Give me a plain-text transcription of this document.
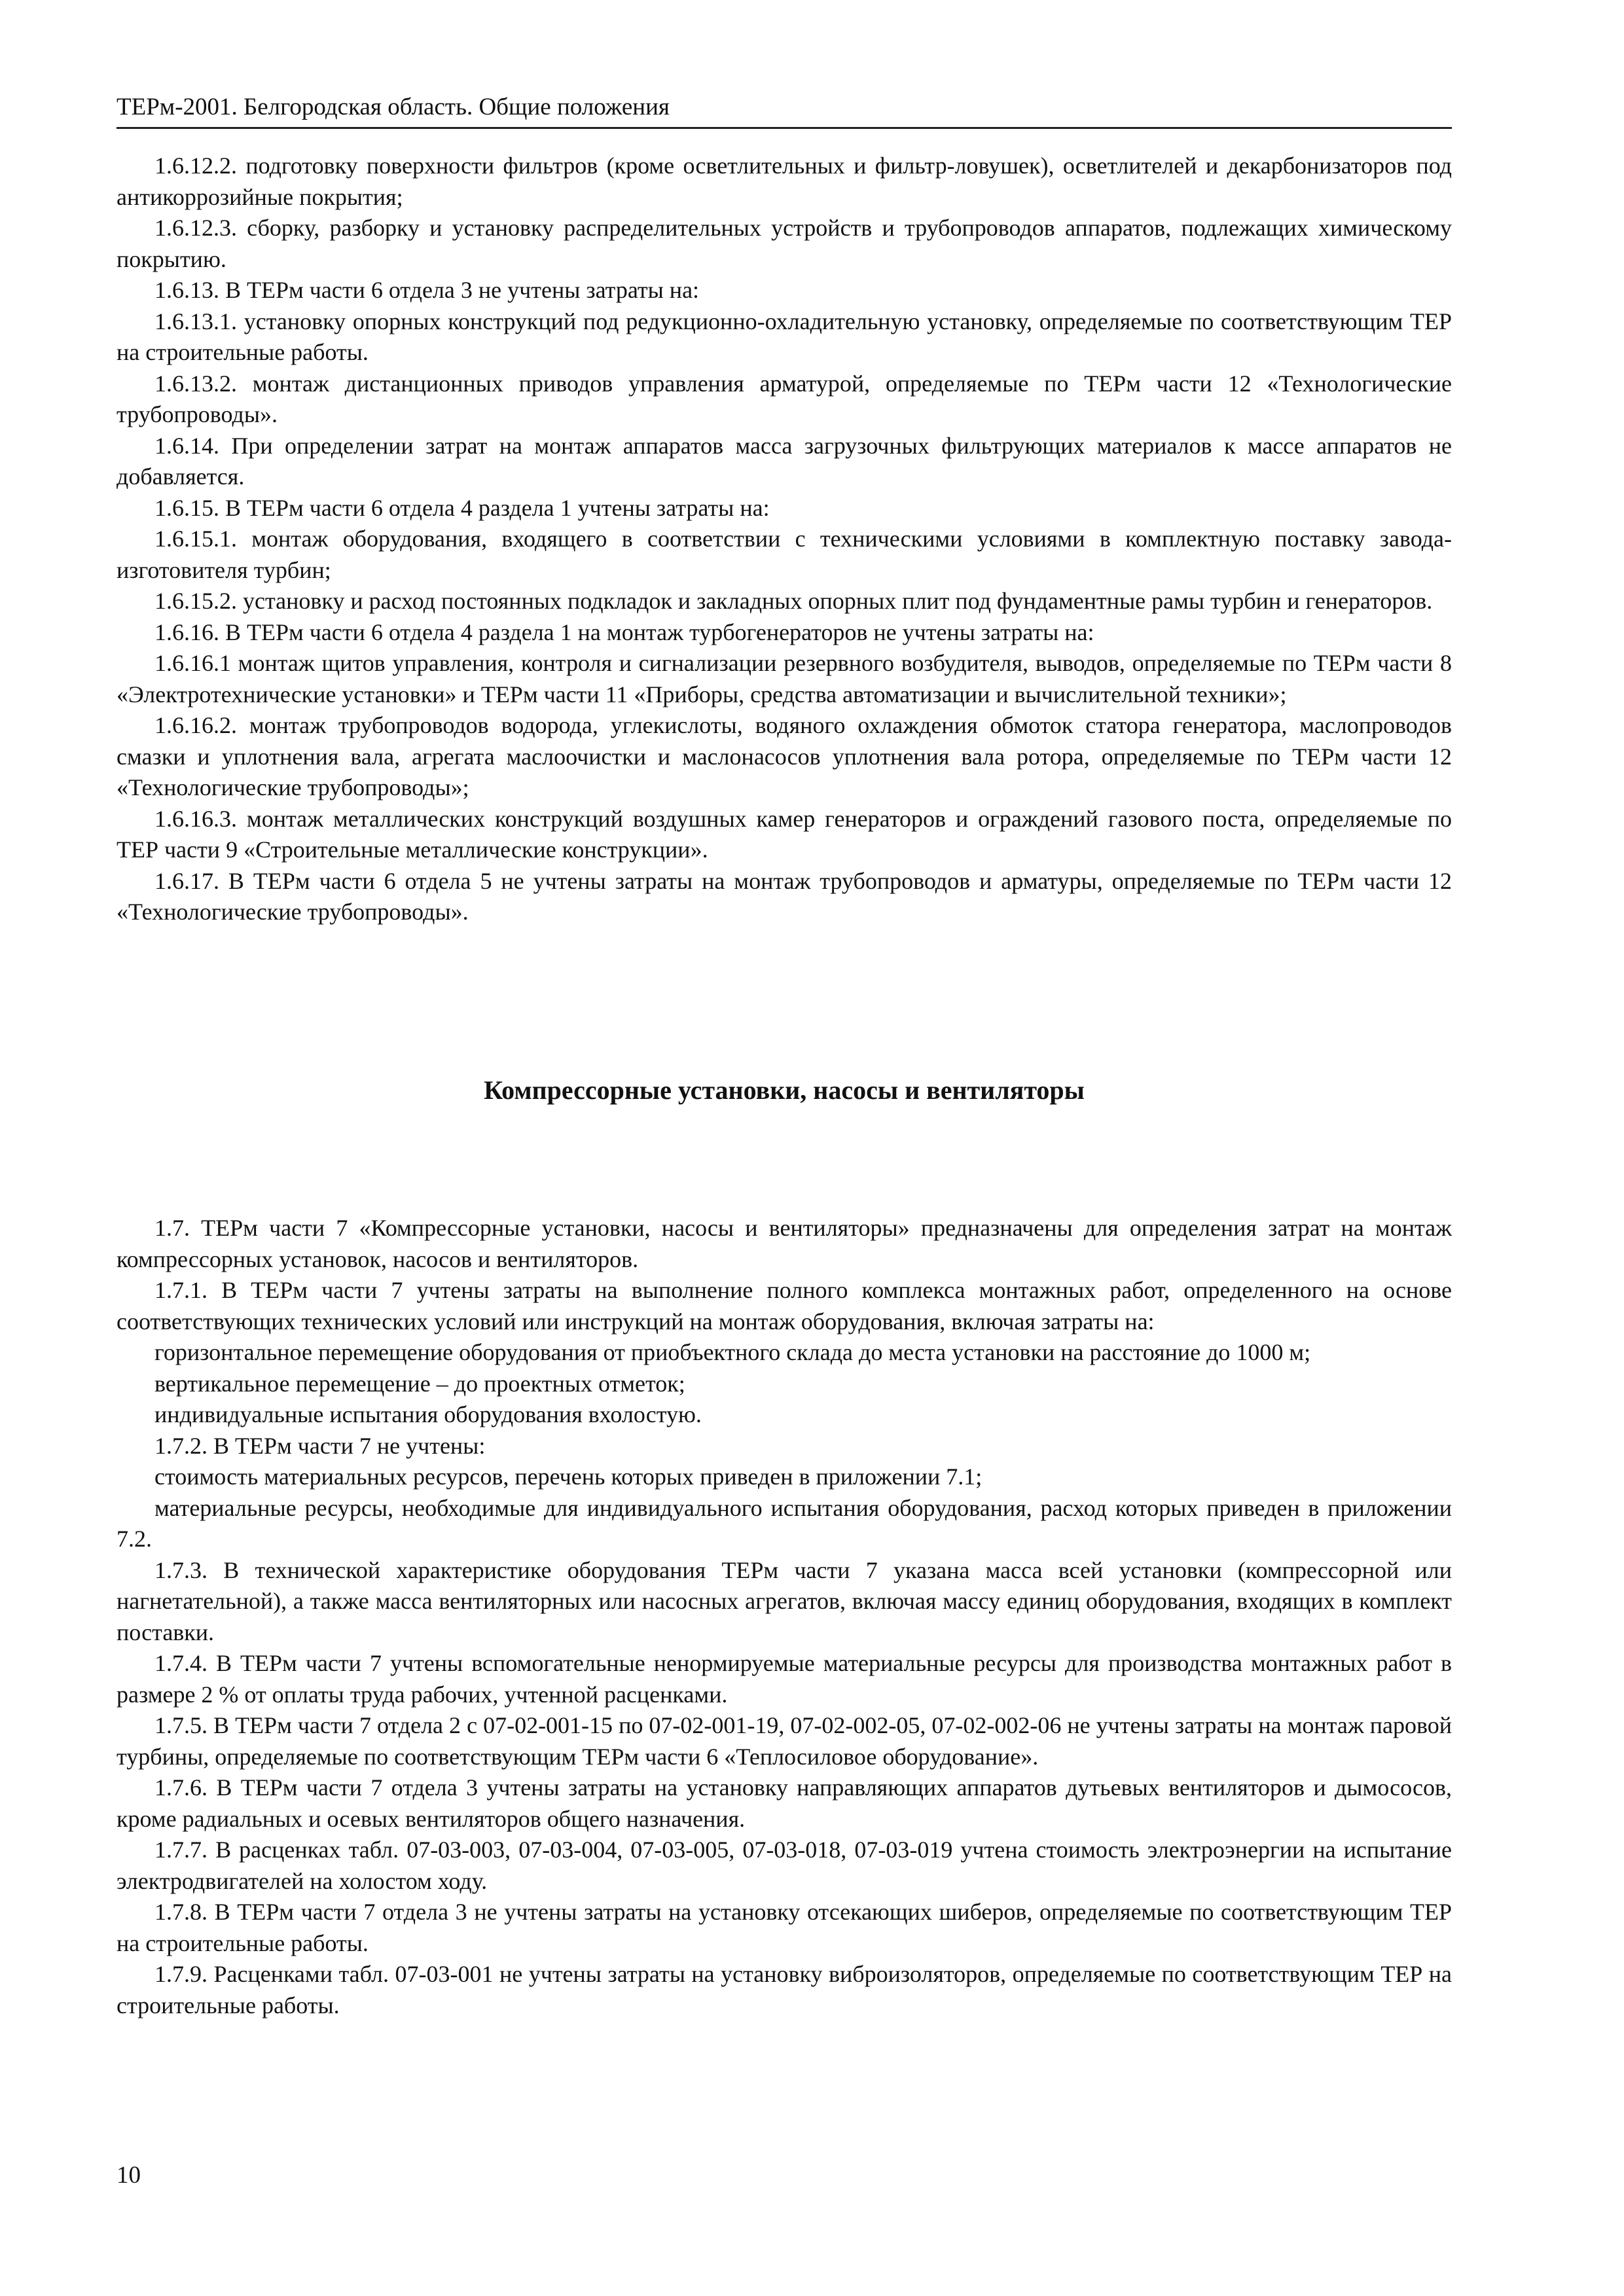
ТЕРм-2001. Белгородская область. Общие положения

1.6.12.2. подготовку поверхности фильтров (кроме осветлительных и фильтр-ловушек), осветлителей и декарбонизаторов под антикоррозийные покрытия;

1.6.12.3. сборку, разборку и установку распределительных устройств и трубопроводов аппаратов, подлежащих химическому покрытию.

1.6.13. В ТЕРм части 6 отдела 3 не учтены затраты на:

1.6.13.1. установку опорных конструкций под редукционно-охладительную установку, определяемые по соответствующим ТЕР на строительные работы.

1.6.13.2. монтаж дистанционных приводов управления арматурой, определяемые по ТЕРм части 12 «Технологические трубопроводы».

1.6.14. При определении затрат на монтаж аппаратов масса загрузочных фильтрующих материалов к массе аппаратов не добавляется.

1.6.15. В ТЕРм части 6 отдела 4 раздела 1 учтены затраты на:

1.6.15.1. монтаж оборудования, входящего в соответствии с техническими условиями в комплектную поставку завода-изготовителя турбин;

1.6.15.2. установку и расход постоянных подкладок и закладных опорных плит под фундаментные рамы турбин и генераторов.

1.6.16. В ТЕРм части 6 отдела 4 раздела 1 на монтаж турбогенераторов не учтены затраты на:

1.6.16.1 монтаж щитов управления, контроля и сигнализации резервного возбудителя, выводов, определяемые по ТЕРм части 8 «Электротехнические установки» и ТЕРм части 11 «Приборы, средства автоматизации и вычислительной техники»;

1.6.16.2. монтаж трубопроводов водорода, углекислоты, водяного охлаждения обмоток статора генератора, маслопроводов смазки и уплотнения вала, агрегата маслоочистки и маслонасосов уплотнения вала ротора, определяемые по ТЕРм части 12 «Технологические трубопроводы»;

1.6.16.3. монтаж металлических конструкций воздушных камер генераторов и ограждений газового поста, определяемые по ТЕР части 9 «Строительные металлические конструкции».

1.6.17. В ТЕРм части 6 отдела 5 не учтены затраты на монтаж трубопроводов и арматуры, определяемые по ТЕРм части 12 «Технологические трубопроводы».

Компрессорные установки, насосы и вентиляторы

1.7. ТЕРм части 7 «Компрессорные установки, насосы и вентиляторы» предназначены для определения затрат на монтаж компрессорных установок, насосов и вентиляторов.

1.7.1. В ТЕРм части 7 учтены затраты на выполнение полного комплекса монтажных работ, определенного на основе соответствующих технических условий или инструкций на монтаж оборудования, включая затраты на:

горизонтальное перемещение оборудования от приобъектного склада до места установки на расстояние до 1000 м;

вертикальное перемещение – до проектных отметок;

индивидуальные испытания оборудования вхолостую.

1.7.2. В ТЕРм части 7 не учтены:

стоимость материальных ресурсов, перечень которых приведен в приложении 7.1;

материальные ресурсы, необходимые для индивидуального испытания оборудования, расход которых приведен в приложении 7.2.

1.7.3. В технической характеристике оборудования ТЕРм части 7 указана масса всей установки (компрессорной или нагнетательной), а также масса вентиляторных или насосных агрегатов, включая массу единиц оборудования, входящих в комплект поставки.

1.7.4. В ТЕРм части 7 учтены вспомогательные ненормируемые материальные ресурсы для производства монтажных работ в размере 2 % от оплаты труда рабочих, учтенной расценками.

1.7.5. В ТЕРм части 7 отдела 2 с 07-02-001-15 по 07-02-001-19, 07-02-002-05, 07-02-002-06 не учтены затраты на монтаж паровой турбины, определяемые по соответствующим ТЕРм части 6 «Теплосиловое оборудование».

1.7.6. В ТЕРм части 7 отдела 3 учтены затраты на установку направляющих аппаратов дутьевых вентиляторов и дымососов, кроме радиальных и осевых вентиляторов общего назначения.

1.7.7. В расценках табл. 07-03-003, 07-03-004, 07-03-005, 07-03-018, 07-03-019 учтена стоимость электроэнергии на испытание электродвигателей на холостом ходу.

1.7.8. В ТЕРм части 7 отдела 3 не учтены затраты на установку отсекающих шиберов, определяемые по соответствующим ТЕР на строительные работы.

1.7.9. Расценками табл. 07-03-001 не учтены затраты на установку виброизоляторов, определяемые по соответствующим ТЕР на строительные работы.

10
